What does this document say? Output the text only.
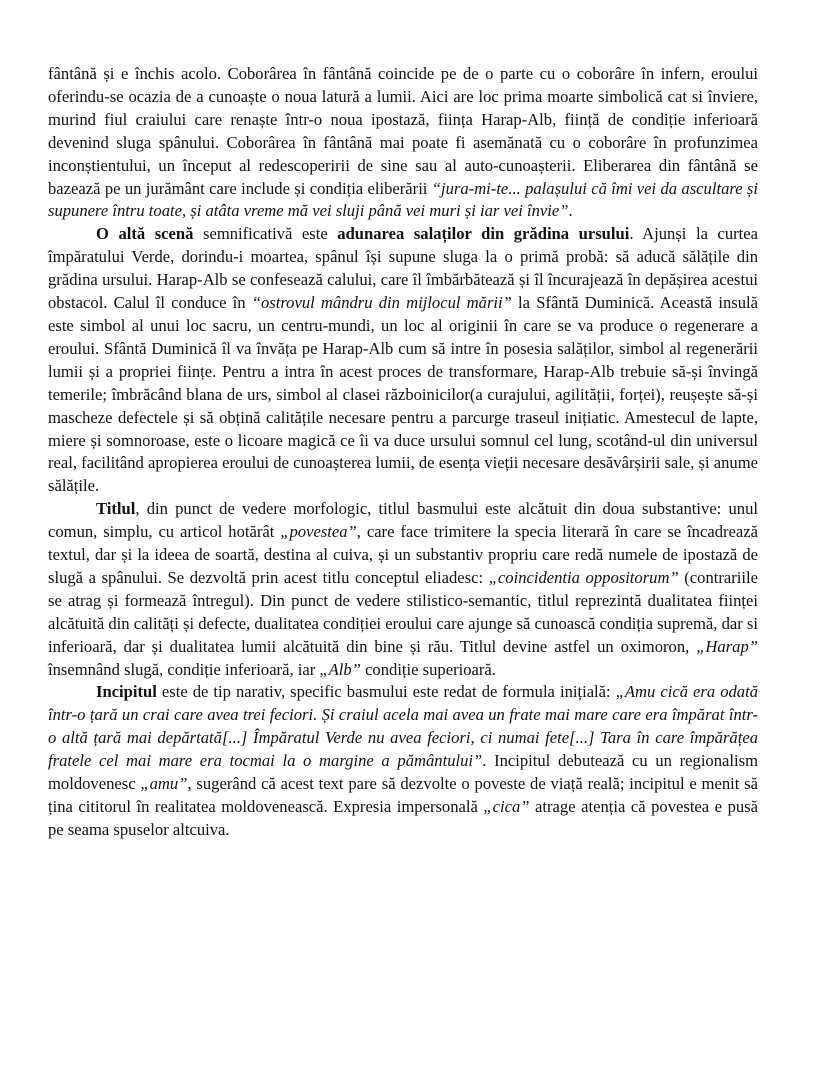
fântână și e închis acolo. Coborârea în fântână coincide pe de o parte cu o coborâre în infern, eroului oferindu-se ocazia de a cunoaște o noua latură a lumii. Aici are loc prima moarte simbolică cat si înviere, murind fiul craiului care renaște într-o noua ipostază, ființa Harap-Alb, ființă de condiție inferioară devenind sluga spânului. Coborârea în fântână mai poate fi asemănată cu o coborâre în profunzimea inconștientului, un început al redescoperirii de sine sau al auto-cunoașterii. Eliberarea din fântână se bazează pe un jurământ care include și condiția eliberării “jura-mi-te... palașului că îmi vei da ascultare și supunere întru toate, și atâta vreme mă vei sluji până vei muri și iar vei învie”.

O altă scenă semnificativă este adunarea salaților din grădina ursului. Ajunși la curtea împăratului Verde, dorindu-i moartea, spânul își supune sluga la o primă probă: să aducă sălățile din grădina ursului. Harap-Alb se confesează calului, care îl îmbărbătează și îl încurajează în depășirea acestui obstacol. Calul îl conduce în “ostrovul mândru din mijlocul mării” la Sfântă Duminică. Această insulă este simbol al unui loc sacru, un centru-mundi, un loc al originii în care se va produce o regenerare a eroului. Sfântă Duminică îl va învăța pe Harap-Alb cum să intre în posesia salăților, simbol al regenerării lumii și a propriei ființe. Pentru a intra în acest proces de transformare, Harap-Alb trebuie să-și învingă temerile; îmbrăcând blana de urs, simbol al clasei războinicilor(a curajului, agilității, forței), reușește să-și mascheze defectele și să obțină calitățile necesare pentru a parcurge traseul inițiatic. Amestecul de lapte, miere și somnoroase, este o licoare magică ce îi va duce ursului somnul cel lung, scotând-ul din universul real, facilitând apropierea eroului de cunoașterea lumii, de esența vieții necesare desăvârșirii sale, și anume sălățile.

Titlul, din punct de vedere morfologic, titlul basmului este alcătuit din doua substantive: unul comun, simplu, cu articol hotărât „povestea”, care face trimitere la specia literară în care se încadrează textul, dar și la ideea de soartă, destina al cuiva, și un substantiv propriu care redă numele de ipostază de slugă a spânului. Se dezvoltă prin acest titlu conceptul eliadesc: „coincidentia oppositorum” (contrariile se atrag și formează întregul). Din punct de vedere stilistico-semantic, titlul reprezintă dualitatea ființei alcătuită din calități și defecte, dualitatea condiției eroului care ajunge să cunoască condiția supremă, dar si inferioară, dar și dualitatea lumii alcătuită din bine și rău. Titlul devine astfel un oximoron, „Harap” însemnând slugă, condiție inferioară, iar „Alb” condiție superioară.

Incipitul este de tip narativ, specific basmului este redat de formula inițială: „Amu cică era odată într-o țară un crai care avea trei feciori. Și craiul acela mai avea un frate mai mare care era împărat într-o altă țară mai depărtată[...] Împăratul Verde nu avea feciori, ci numai fete[...] Tara în care împărățea fratele cel mai mare era tocmai la o margine a pământului”. Incipitul debutează cu un regionalism moldovenesc „amu”, sugerând că acest text pare să dezvolte o poveste de viață reală; incipitul e menit să țina cititorul în realitatea moldovenească. Expresia impersonală „cica” atrage atenția că povestea e pusă pe seama spuselor altcuiva.
